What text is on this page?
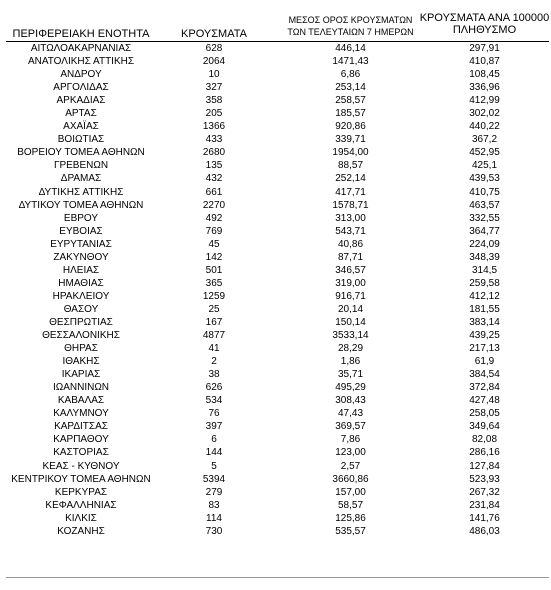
ΠΕΡΙΦΕΡΕΙΑΚΗ ΕΝΟΤΗΤΑ	ΚΡΟΥΣΜΑΤΑ
ΜΕΣΟΣ ΟΡΟΣ ΚΡΟΥΣΜΑΤΩΝ
ΤΩΝ ΤΕΛΕΥΤΑΙΩΝ 7 ΗΜΕΡΩΝ
ΚΡΟΥΣΜΑΤΑ ΑΝΑ 100000
ΠΛΗΘΥΣΜΟ
ΑΙΤΩΛΟΑΚΑΡΝΑΝΙΑΣ	628	446,14	297,91
ΑΝΑΤΟΛΙΚΗΣ ΑΤΤΙΚΗΣ	2064	1471,43	410,87
ΑΝΔΡΟΥ	10	6,86	108,45
ΑΡΓΟΛΙΔΑΣ	327	253,14	336,96
ΑΡΚΑΔΙΑΣ	358	258,57	412,99
ΑΡΤΑΣ	205	185,57	302,02
ΑΧΑΪΑΣ	1366	920,86	440,22
ΒΟΙΩΤΙΑΣ	433	339,71	367,2
ΒΟΡΕΙΟΥ ΤΟΜΕΑ ΑΘΗΝΩΝ	2680	1954,00	452,95
ΓΡΕΒΕΝΩΝ	135	88,57	425,1
ΔΡΑΜΑΣ	432	252,14	439,53
ΔΥΤΙΚΗΣ ΑΤΤΙΚΗΣ	661	417,71	410,75
ΔΥΤΙΚΟΥ ΤΟΜΕΑ ΑΘΗΝΩΝ	2270	1578,71	463,57
ΕΒΡΟΥ	492	313,00	332,55
ΕΥΒΟΙΑΣ	769	543,71	364,77
ΕΥΡΥΤΑΝΙΑΣ	45	40,86	224,09
ΖΑΚΥΝΘΟΥ	142	87,71	348,39
ΗΛΕΙΑΣ	501	346,57	314,5
ΗΜΑΘΙΑΣ	365	319,00	259,58
ΗΡΑΚΛΕΙΟΥ	1259	916,71	412,12
ΘΑΣΟΥ	25	20,14	181,55
ΘΕΣΠΡΩΤΙΑΣ	167	150,14	383,14
ΘΕΣΣΑΛΟΝΙΚΗΣ	4877	3533,14	439,25
ΘΗΡΑΣ	41	28,29	217,13
ΙΘΑΚΗΣ	2	1,86	61,9
ΙΚΑΡΙΑΣ	38	35,71	384,54
ΙΩΑΝΝΙΝΩΝ	626	495,29	372,84
ΚΑΒΑΛΑΣ	534	308,43	427,48
ΚΑΛΥΜΝΟΥ	76	47,43	258,05
ΚΑΡΔΙΤΣΑΣ	397	369,57	349,64
ΚΑΡΠΑΘΟΥ	6	7,86	82,08
ΚΑΣΤΟΡΙΑΣ	144	123,00	286,16
ΚΕΑΣ - ΚΥΘΝΟΥ	5	2,57	127,84
ΚΕΝΤΡΙΚΟΥ ΤΟΜΕΑ ΑΘΗΝΩΝ	5394	3660,86	523,93
ΚΕΡΚΥΡΑΣ	279	157,00	267,32
ΚΕΦΑΛΛΗΝΙΑΣ	83	58,57	231,84
ΚΙΛΚΙΣ	114	125,86	141,76
ΚΟΖΑΝΗΣ	730	535,57	486,03
